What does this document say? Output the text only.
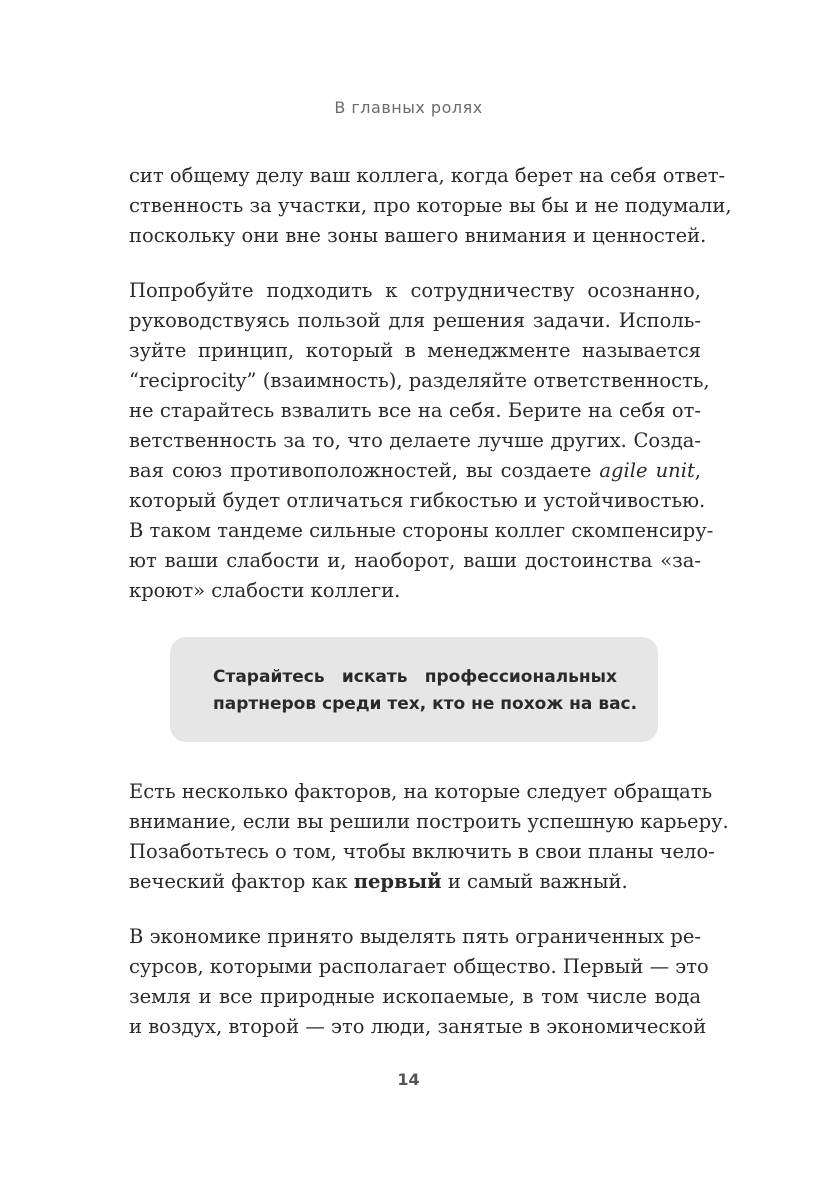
В главных ролях
сит общему делу ваш коллега, когда берет на себя ответ-
ственность за участки, про которые вы бы и не подумали,
поскольку они вне зоны вашего внимания и ценностей.
Попробуйте подходить к сотрудничеству осознанно,
руководствуясь пользой для решения задачи. Исполь-
зуйте принцип, который в менеджменте называется
“reciprocity” (взаимность), разделяйте ответственность,
не старайтесь взвалить все на себя. Берите на себя от-
ветственность за то, что делаете лучше других. Созда-
вая союз противоположностей, вы создаете agile unit,
который будет отличаться гибкостью и устойчивостью.
В таком тандеме сильные стороны коллег скомпенсиру-
ют ваши слабости и, наоборот, ваши достоинства «за-
кроют» слабости коллеги.
Старайтесь искать профессиональных
партнеров среди тех, кто не похож на вас.
Есть несколько факторов, на которые следует обращать
внимание, если вы решили построить успешную карьеру.
Позаботьтесь о том, чтобы включить в свои планы чело-
веческий фактор как первый и самый важный.
В экономике принято выделять пять ограниченных ре-
сурсов, которыми располагает общество. Первый — это
земля и все природные ископаемые, в том числе вода
и воздух, второй — это люди, занятые в экономической
14
